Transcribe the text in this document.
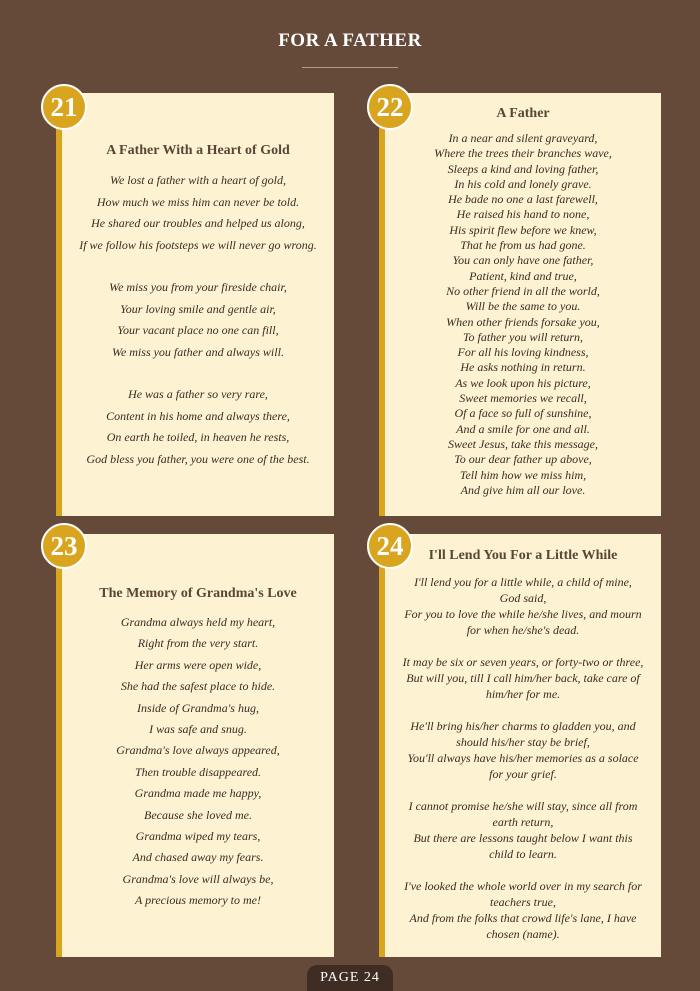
FOR A FATHER
A Father With a Heart of Gold
We lost a father with a heart of gold,
How much we miss him can never be told.
He shared our troubles and helped us along,
If we follow his footsteps we will never go wrong.
We miss you from your fireside chair,
Your loving smile and gentle air,
Your vacant place no one can fill,
We miss you father and always will.
He was a father so very rare,
Content in his home and always there,
On earth he toiled, in heaven he rests,
God bless you father, you were one of the best.
21	A Father
In a near and silent graveyard,
Where the trees their branches wave,
Sleeps a kind and loving father,
In his cold and lonely grave.
He bade no one a last farewell,
He raised his hand to none,
His spirit flew before we knew,
That he from us had gone.
You can only have one father,
Patient, kind and true,
No other friend in all the world,
Will be the same to you.
When other friends forsake you,
To father you will return,
For all his loving kindness,
He asks nothing in return.
As we look upon his picture,
Sweet memories we recall,
Of a face so full of sunshine,
And a smile for one and all.
Sweet Jesus, take this message,
To our dear father up above,
Tell him how we miss him,
And give him all our love.
22
The Memory of Grandma's Love
Grandma always held my heart,
Right from the very start.
Her arms were open wide,
She had the safest place to hide.
Inside of Grandma's hug,
I was safe and snug.
Grandma's love always appeared,
Then trouble disappeared.
Grandma made me happy,
Because she loved me.
Grandma wiped my tears,
And chased away my fears.
Grandma's love will always be,
A precious memory to me!
23	I'll Lend You For a Little While
I'll lend you for a little while, a child of mine,
God said,
For you to love the while he/she lives, and mourn
for when he/she's dead.
It may be six or seven years, or forty-two or three,
But will you, till I call him/her back, take care of
him/her for me.
He'll bring his/her charms to gladden you, and
should his/her stay be brief,
You'll always have his/her memories as a solace
for your grief.
I cannot promise he/she will stay, since all from
earth return,
But there are lessons taught below I want this
child to learn.
I've looked the whole world over in my search for
teachers true,
And from the folks that crowd life's lane, I have
chosen (name).
24
PAGE 24
